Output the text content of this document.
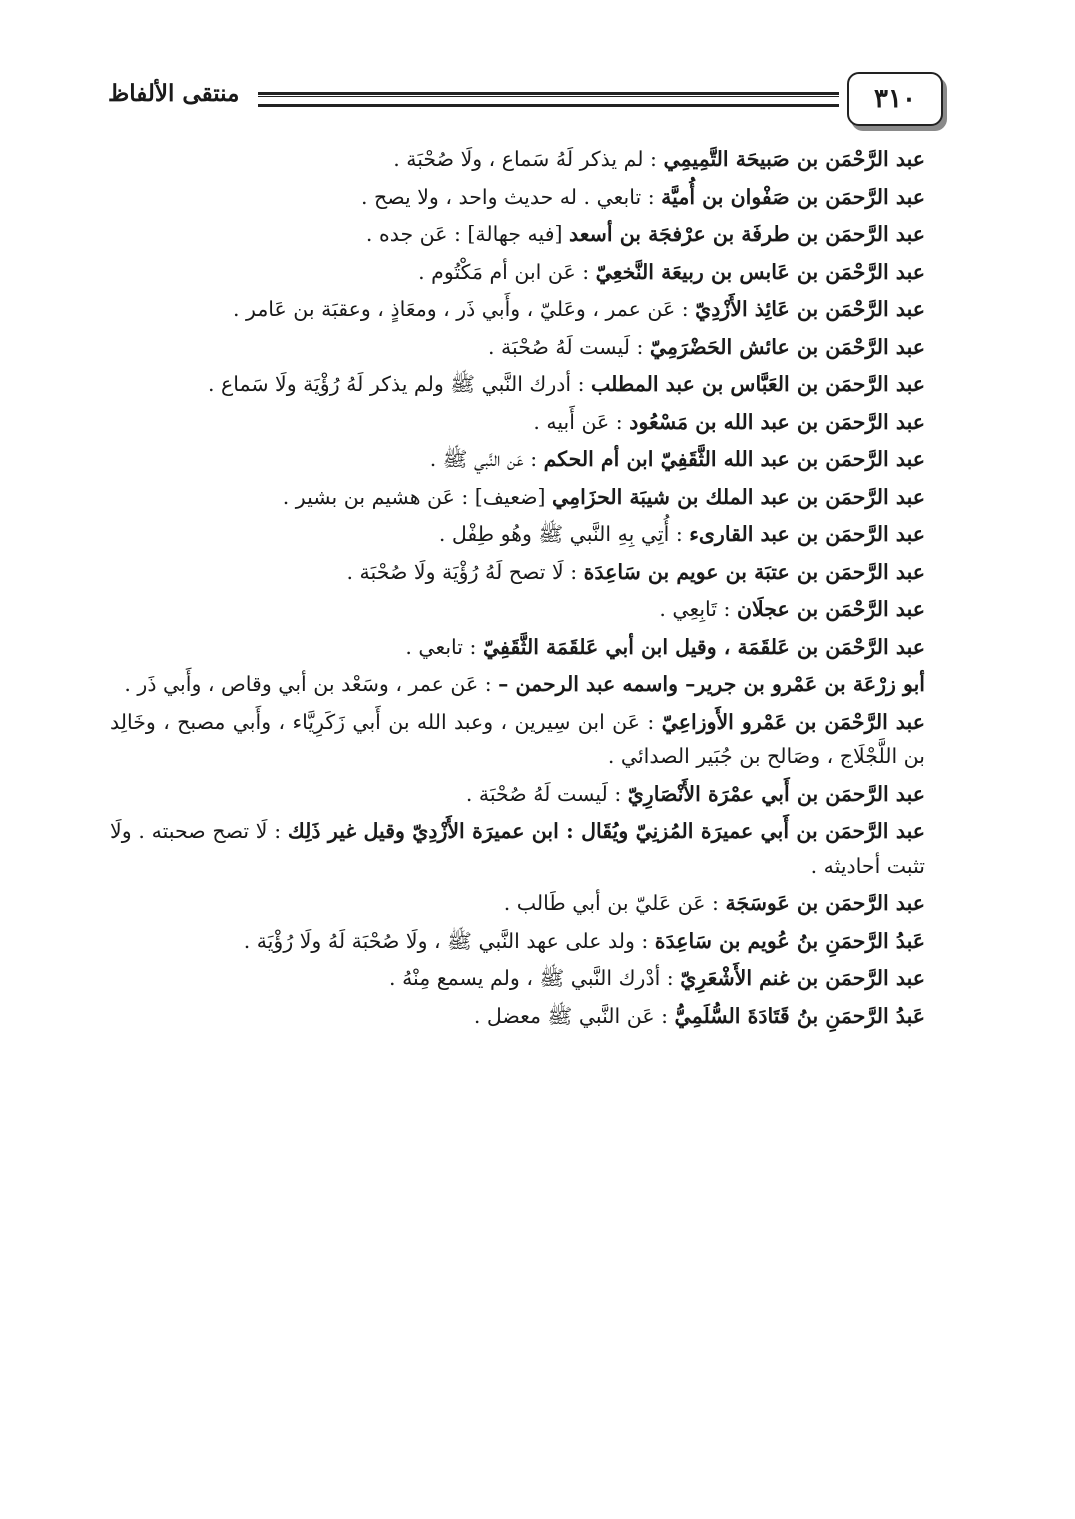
٣١٠
منتقى الألفاظ

عبد الرَّحْمَن بن صَبيحَة التَّمِيمِي : لم يذكر لَهُ سَماع ، ولَا صُحْبَة .

عبد الرَّحمَن بن صَفْوان بن أُميَّة : تابعي . له حديث واحد ، ولا يصح .

عبد الرَّحمَن بن طرفَة بن عرْفجَة بن أسعد [فيه جهالة] : عَن جده .

عبد الرَّحْمَن بن عَابس بن ربيعَة النَّخعِيّ : عَن ابن أم مَكْتُوم .

عبد الرَّحْمَن بن عَائِذ الأَزْدِيّ : عَن عمر ، وعَليّ ، وأَبي ذَر ، ومعَاذٍ ، وعقبَة بن عَامر .

عبد الرَّحْمَن بن عائش الحَضْرَمِيّ : لَيست لَهُ صُحْبَة .

عبد الرَّحمَن بن العَبَّاس بن عبد المطلب : أدرك النَّبي ﷺ ولم يذكر لَهُ رُؤْيَة ولَا سَماع .

عبد الرَّحمَن بن عبد الله بن مَسْعُود : عَن أَبيه .

عبد الرَّحمَن بن عبد الله الثَّقَفِيّ ابن أم الحكم : عَن النَّبي ﷺ .

عبد الرَّحمَن بن عبد الملك بن شيبَة الحزَامِي [ضعيف] : عَن هشيم بن بشير .

عبد الرَّحمَن بن عبد القارىء : أُتِي بِهِ النَّبي ﷺ وهُو طِفْل .

عبد الرَّحمَن بن عتبَة بن عويم بن سَاعِدَة : لَا تصح لَهُ رُؤْيَة ولَا صُحْبَة .

عبد الرَّحْمَن بن عجلَان : تَابِعِي .

عبد الرَّحْمَن بن عَلقَمَة ، وقيل ابن أبي عَلقَمَة الثَّقَفِيّ : تابعي .

أبو زرْعَة بن عَمْرو بن جرير– واسمه عبد الرحمن – : عَن عمر ، وسَعْد بن أبي وقاص ، وأَبي ذَر .

عبد الرَّحْمَن بن عَمْرو الأَوزاعِيّ : عَن ابن سِيرين ، وعبد الله بن أَبي زَكَرِيَّاء ، وأَبي مصبح ، وخَالِد بن اللَّجْلَاج ، وصَالح بن جُبَير الصدائي .

عبد الرَّحمَن بن أَبي عمْرَة الأَنْصَارِيّ : لَيست لَهُ صُحْبَة .

عبد الرَّحمَن بن أَبي عميرَة المُزنِيّ ويُقَال : ابن عميرَة الأَزْدِيّ وقيل غير ذَلِك : لَا تصح صحبته . ولَا تثبت أحاديثه .

عبد الرَّحمَن بن عَوسَجَة : عَن عَليّ بن أبي طَالب .

عَبدُ الرَّحمَنِ بنُ عُويم بن سَاعِدَة : ولد على عهد النَّبي ﷺ ، ولَا صُحْبَة لَهُ ولَا رُؤْيَة .

عبد الرَّحمَن بن غنم الأَشْعَرِيّ : أدْرك النَّبي ﷺ ، ولم يسمع مِنْهُ .

عَبدُ الرَّحمَنِ بنُ قَتَادَةَ السُّلَمِيُّ : عَن النَّبي ﷺ معضل .
